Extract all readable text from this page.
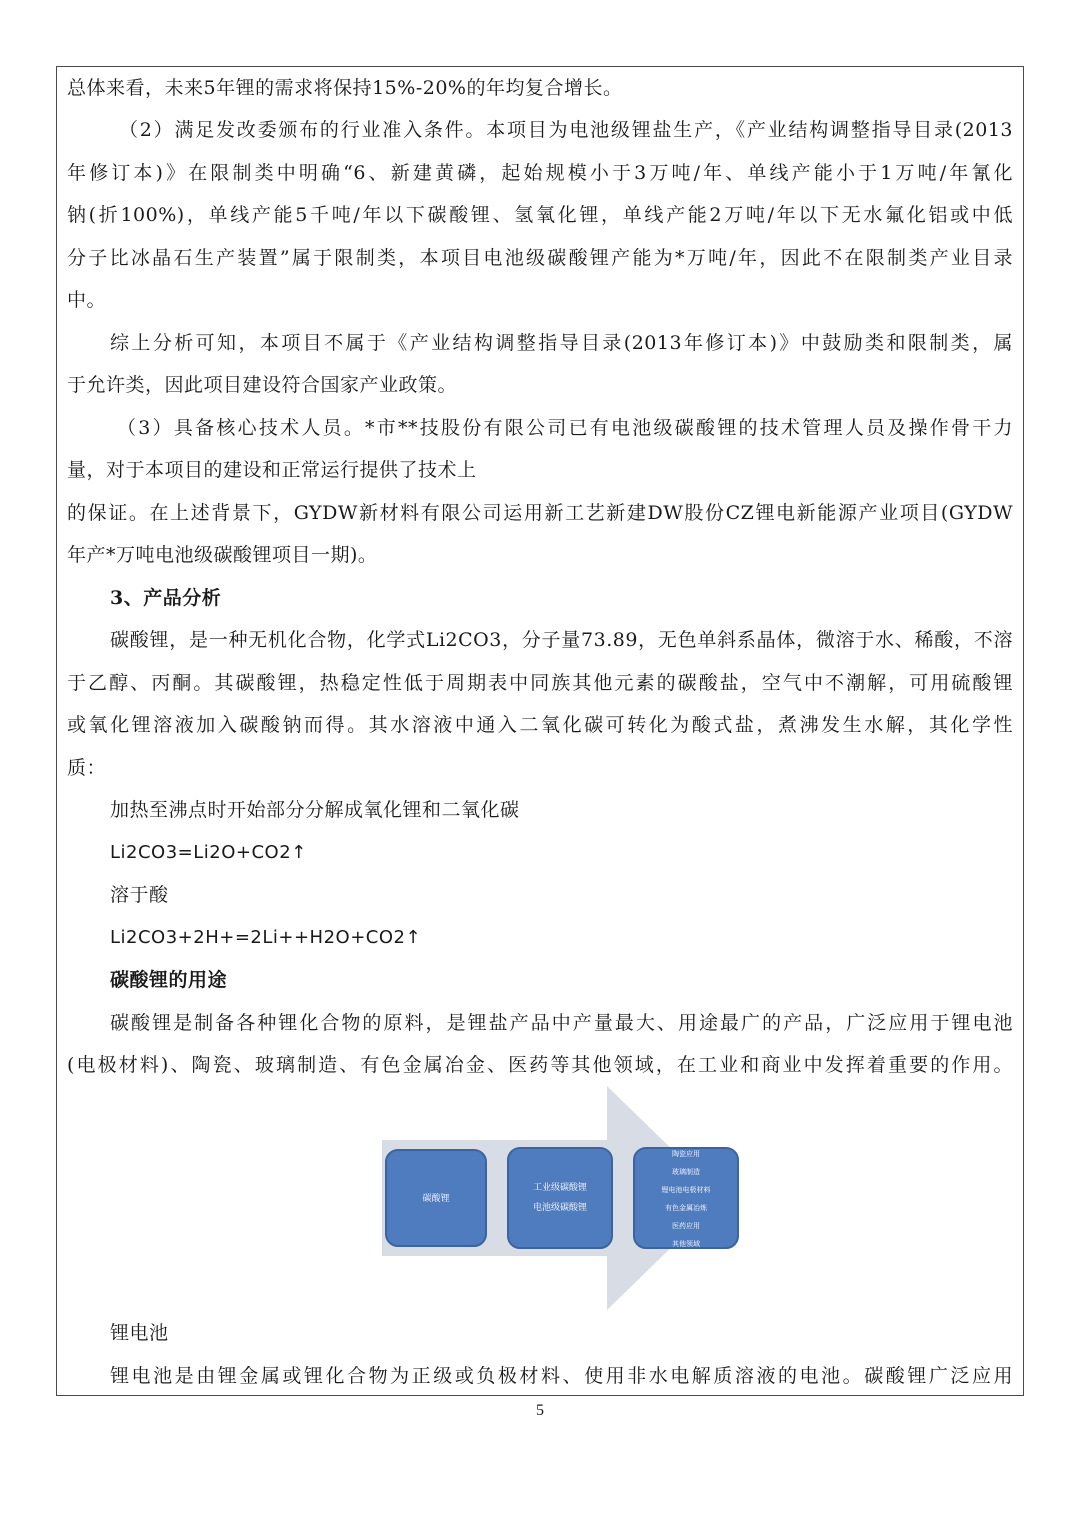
总体来看，未来5年锂的需求将保持15%-20%的年均复合增长。
（2）满足发改委颁布的行业准入条件。本项目为电池级锂盐生产，《产业结构调整指导目录(2013
年修订本)》在限制类中明确“6、新建黄磷，起始规模小于3万吨/年、单线产能小于1万吨/年氰化
钠(折100%)，单线产能5千吨/年以下碳酸锂、氢氧化锂，单线产能2万吨/年以下无水氟化铝或中低
分子比冰晶石生产装置”属于限制类，本项目电池级碳酸锂产能为*万吨/年，因此不在限制类产业目录
中。
综上分析可知，本项目不属于《产业结构调整指导目录(2013年修订本)》中鼓励类和限制类，属
于允许类，因此项目建设符合国家产业政策。
（3）具备核心技术人员。*市**技股份有限公司已有电池级碳酸锂的技术管理人员及操作骨干力
量，对于本项目的建设和正常运行提供了技术上
的保证。在上述背景下，GYDW新材料有限公司运用新工艺新建DW股份CZ锂电新能源产业项目(GYDW
年产*万吨电池级碳酸锂项目一期)。
3、产品分析
碳酸锂，是一种无机化合物，化学式Li2CO3，分子量73.89，无色单斜系晶体，微溶于水、稀酸，不溶
于乙醇、丙酮。其碳酸锂，热稳定性低于周期表中同族其他元素的碳酸盐，空气中不潮解，可用硫酸锂
或氧化锂溶液加入碳酸钠而得。其水溶液中通入二氧化碳可转化为酸式盐，煮沸发生水解，其化学性
质：
加热至沸点时开始部分分解成氧化锂和二氧化碳
Li2CO3=Li2O+CO2↑
溶于酸
Li2CO3+2H+=2Li++H2O+CO2↑
碳酸锂的用途
碳酸锂是制备各种锂化合物的原料，是锂盐产品中产量最大、用途最广的产品，广泛应用于锂电池
(电极材料)、陶瓷、玻璃制造、有色金属冶金、医药等其他领域，在工业和商业中发挥着重要的作用。
碳酸锂
工业级碳酸锂
电池级碳酸锂
陶瓷应用
玻璃制造
锂电池电极材料
有色金属冶炼
医药应用
其他领域
锂电池
锂电池是由锂金属或锂化合物为正级或负极材料、使用非水电解质溶液的电池。碳酸锂广泛应用
5
